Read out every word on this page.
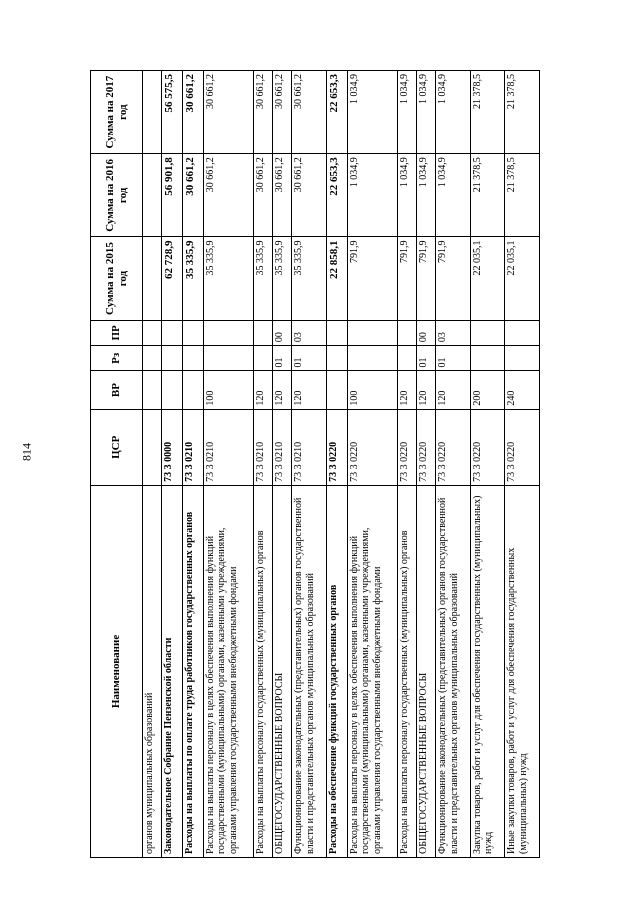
814
Наименование	ЦСР	ВР	Рз	ПР	Сумма на 2015 год	Сумма на 2016 год	Сумма на 2017 год
органов муниципальных образований							
Законодательное Собрание Пензенской области	73 3 0000				62 728,9	56 901,8	56 575,5
Расходы на выплаты по оплате труда работников государственных органов	73 3 0210				35 335,9	30 661,2	30 661,2
Расходы на выплаты персоналу в целях обеспечения выполнения функций государственными (муниципальными) органами, казенными учреждениями, органами управления государственными внебюджетными фондами	73 3 0210	100			35 335,9	30 661,2	30 661,2
Расходы на выплаты персоналу государственных (муниципальных) органов	73 3 0210	120			35 335,9	30 661,2	30 661,2
ОБЩЕГОСУДАРСТВЕННЫЕ ВОПРОСЫ	73 3 0210	120	01	00	35 335,9	30 661,2	30 661,2
Функционирование законодательных (представительных) органов государственной власти и представительных органов муниципальных образований	73 3 0210	120	01	03	35 335,9	30 661,2	30 661,2
Расходы на обеспечение функций государственных органов	73 3 0220				22 858,1	22 653,3	22 653,3
Расходы на выплаты персоналу в целях обеспечения выполнения функций государственными (муниципальными) органами, казенными учреждениями, органами управления государственными внебюджетными фондами	73 3 0220	100			791,9	1 034,9	1 034,9
Расходы на выплаты персоналу государственных (муниципальных) органов	73 3 0220	120			791,9	1 034,9	1 034,9
ОБЩЕГОСУДАРСТВЕННЫЕ ВОПРОСЫ	73 3 0220	120	01	00	791,9	1 034,9	1 034,9
Функционирование законодательных (представительных) органов государственной власти и представительных органов муниципальных образований	73 3 0220	120	01	03	791,9	1 034,9	1 034,9
Закупка товаров, работ и услуг для обеспечения государственных (муниципальных) нужд	73 3 0220	200			22 035,1	21 378,5	21 378,5
Иные закупки товаров, работ и услуг для обеспечения государственных (муниципальных) нужд	73 3 0220	240			22 035,1	21 378,5	21 378,5
